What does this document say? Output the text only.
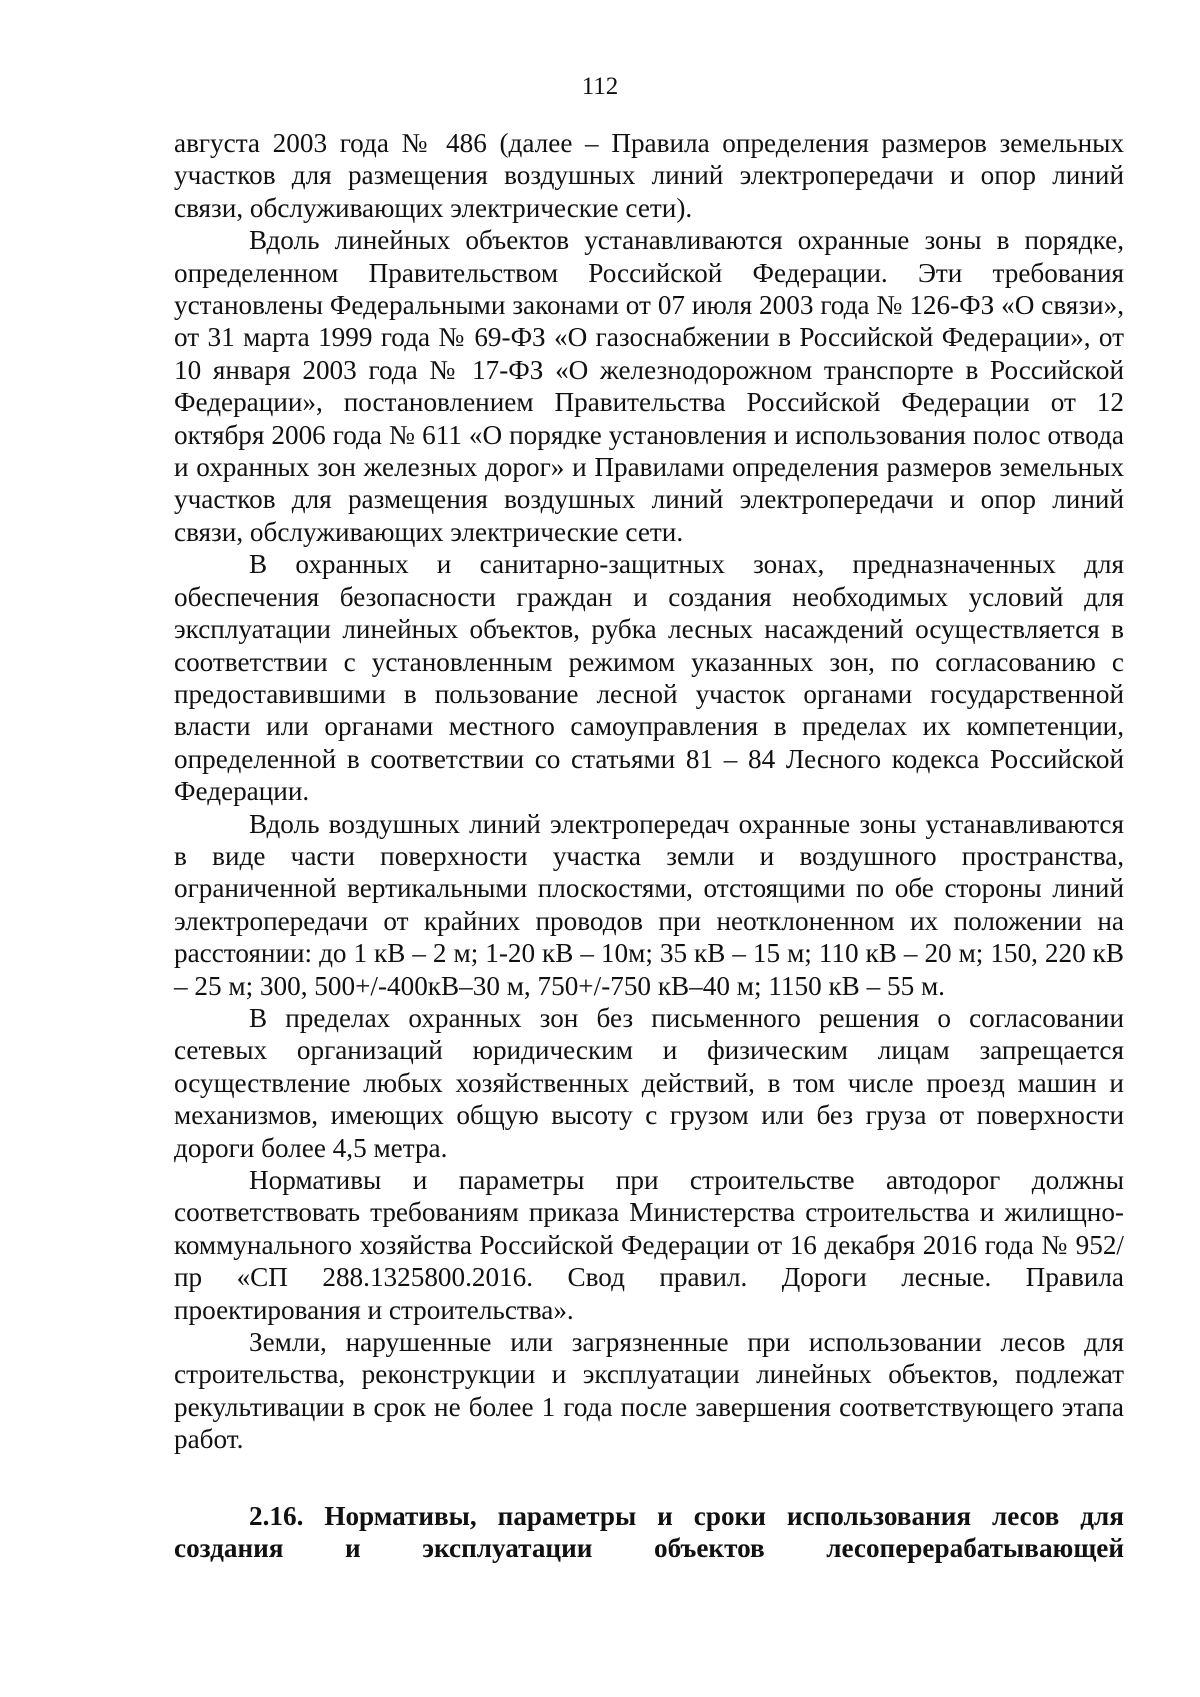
112

августа 2003 года № 486 (далее – Правила определения размеров земельных участков для размещения воздушных линий электропередачи и опор линий связи, обслуживающих электрические сети).

Вдоль линейных объектов устанавливаются охранные зоны в порядке, определенном Правительством Российской Федерации. Эти требования установлены Федеральными законами от 07 июля 2003 года № 126-ФЗ «О связи», от 31 марта 1999 года № 69-ФЗ «О газоснабжении в Российской Федерации», от 10 января 2003 года № 17-ФЗ «О железнодорожном транспорте в Российской Федерации», постановлением Правительства Российской Федерации от 12 октября 2006 года № 611 «О порядке установления и использования полос отвода и охранных зон железных дорог» и Правилами определения размеров земельных участков для размещения воздушных линий электропередачи и опор линий связи, обслуживающих электрические сети.

В охранных и санитарно-защитных зонах, предназначенных для обеспечения безопасности граждан и создания необходимых условий для эксплуатации линейных объектов, рубка лесных насаждений осуществляется в соответствии с установленным режимом указанных зон, по согласованию с предоставившими в пользование лесной участок органами государственной власти или органами местного самоуправления в пределах их компетенции, определенной в соответствии со статьями 81 – 84 Лесного кодекса Российской Федерации.

Вдоль воздушных линий электропередач охранные зоны устанавливаются в виде части поверхности участка земли и воздушного пространства, ограниченной вертикальными плоскостями, отстоящими по обе стороны линий электропередачи от крайних проводов при неотклоненном их положении на расстоянии: до 1 кВ – 2 м; 1-20 кВ – 10м; 35 кВ – 15 м; 110 кВ – 20 м; 150, 220 кВ – 25 м; 300, 500+/-400кВ–30 м, 750+/-750 кВ–40 м; 1150 кВ – 55 м.

В пределах охранных зон без письменного решения о согласовании сетевых организаций юридическим и физическим лицам запрещается осуществление любых хозяйственных действий, в том числе проезд машин и механизмов, имеющих общую высоту с грузом или без груза от поверхности дороги более 4,5 метра.

Нормативы и параметры при строительстве автодорог должны соответствовать требованиям приказа Министерства строительства и жилищно-коммунального хозяйства Российской Федерации от 16 декабря 2016 года № 952/пр «СП 288.1325800.2016. Свод правил. Дороги лесные. Правила проектирования и строительства».

Земли, нарушенные или загрязненные при использовании лесов для строительства, реконструкции и эксплуатации линейных объектов, подлежат рекультивации в срок не более 1 года после завершения соответствующего этапа работ.

2.16. Нормативы, параметры и сроки использования лесов для создания и эксплуатации объектов лесоперерабатывающей
